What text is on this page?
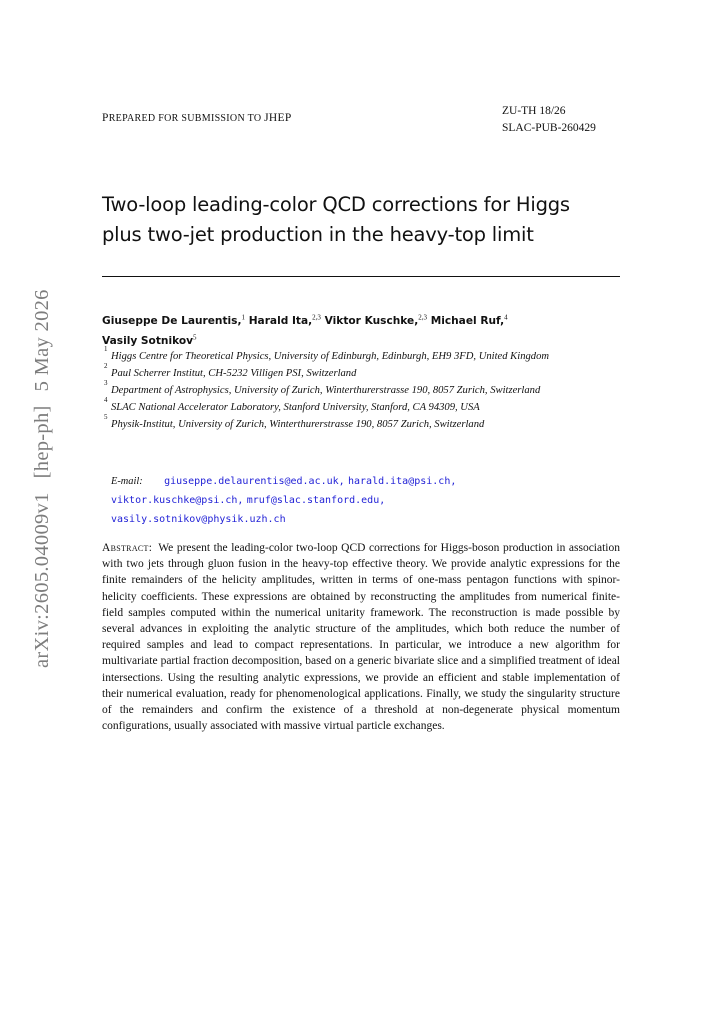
PREPARED FOR SUBMISSION TO JHEP
ZU-TH 18/26
SLAC-PUB-260429
Two-loop leading-color QCD corrections for Higgs
plus two-jet production in the heavy-top limit
Giuseppe De Laurentis,$^1$ Harald Ita,$^{2,3}$ Viktor Kuschke,$^{2,3}$ Michael Ruf,$^4$
Vasily Sotnikov$^5$
1
Higgs Centre for Theoretical Physics, University of Edinburgh, Edinburgh, EH9 3FD, United Kingdom
2
Paul Scherrer Institut, CH-5232 Villigen PSI, Switzerland
3
Department of Astrophysics, University of Zurich, Winterthurerstrasse 190, 8057 Zurich, Switzerland
4
SLAC National Accelerator Laboratory, Stanford University, Stanford, CA 94309, USA
5
Physik-Institut, University of Zurich, Winterthurerstrasse 190, 8057 Zurich, Switzerland
E-mail: giuseppe.delaurentis@ed.ac.uk, harald.ita@psi.ch,
viktor.kuschke@psi.ch, mruf@slac.stanford.edu,
vasily.sotnikov@physik.uzh.ch
Abstract: We present the leading-color two-loop QCD corrections for Higgs-boson production in association with two jets through gluon fusion in the heavy-top effective theory. We provide analytic expressions for the finite remainders of the helicity amplitudes, written in terms of one-mass pentagon functions with spinor-helicity coefficients. These expressions are obtained by reconstructing the amplitudes from numerical finite-field samples computed within the numerical unitarity framework. The reconstruction is made possible by several advances in exploiting the analytic structure of the amplitudes, which both reduce the number of required samples and lead to compact representations. In particular, we introduce a new algorithm for multivariate partial fraction decomposition, based on a generic bivariate slice and a simplified treatment of ideal intersections. Using the resulting analytic expressions, we provide an efficient and stable implementation of their numerical evaluation, ready for phenomenological applications. Finally, we study the singularity structure of the remainders and confirm the existence of a threshold at non-degenerate physical momentum configurations, usually associated with massive virtual particle exchanges.
arXiv:2605.04009v1[hep-ph]5 May 2026
